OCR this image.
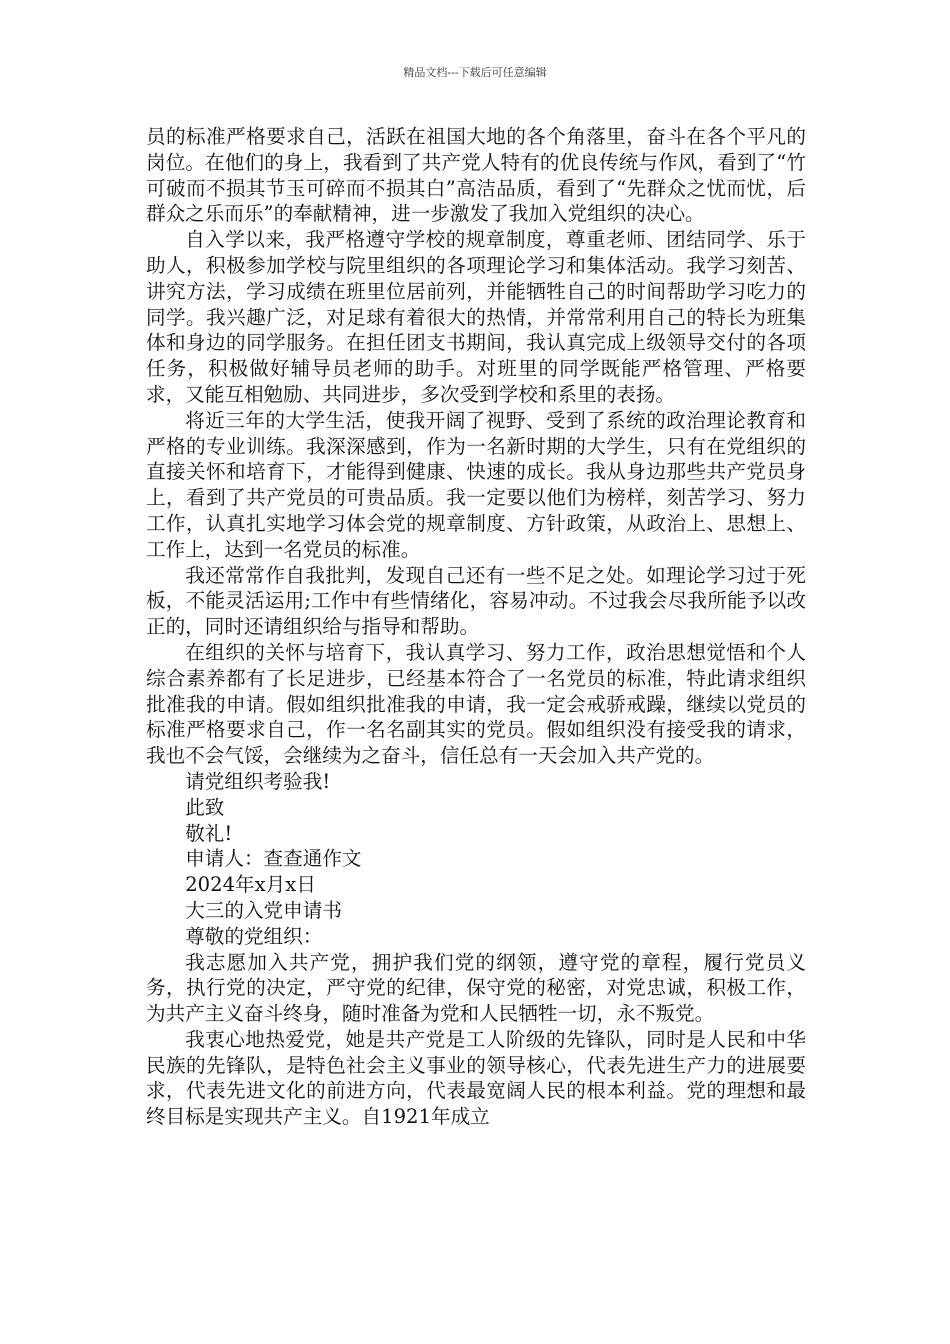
精品文档---下载后可任意编辑

员的标准严格要求自己，活跃在祖国大地的各个角落里，奋斗在各个平凡的岗位。在他们的身上，我看到了共产党人特有的优良传统与作风，看到了“竹可破而不损其节玉可碎而不损其白”高洁品质，看到了“先群众之忧而忧，后群众之乐而乐”的奉献精神，进一步激发了我加入党组织的决心。

自入学以来，我严格遵守学校的规章制度，尊重老师、团结同学、乐于助人，积极参加学校与院里组织的各项理论学习和集体活动。我学习刻苦、讲究方法，学习成绩在班里位居前列，并能牺牲自己的时间帮助学习吃力的同学。我兴趣广泛，对足球有着很大的热情，并常常利用自己的特长为班集体和身边的同学服务。在担任团支书期间，我认真完成上级领导交付的各项任务，积极做好辅导员老师的助手。对班里的同学既能严格管理、严格要求，又能互相勉励、共同进步，多次受到学校和系里的表扬。

将近三年的大学生活，使我开阔了视野、受到了系统的政治理论教育和严格的专业训练。我深深感到，作为一名新时期的大学生，只有在党组织的直接关怀和培育下，才能得到健康、快速的成长。我从身边那些共产党员身上，看到了共产党员的可贵品质。我一定要以他们为榜样，刻苦学习、努力工作，认真扎实地学习体会党的规章制度、方针政策，从政治上、思想上、工作上，达到一名党员的标准。

我还常常作自我批判，发现自己还有一些不足之处。如理论学习过于死板，不能灵活运用;工作中有些情绪化，容易冲动。不过我会尽我所能予以改正的，同时还请组织给与指导和帮助。

在组织的关怀与培育下，我认真学习、努力工作，政治思想觉悟和个人综合素养都有了长足进步，已经基本符合了一名党员的标准，特此请求组织批准我的申请。假如组织批准我的申请，我一定会戒骄戒躁，继续以党员的标准严格要求自己，作一名名副其实的党员。假如组织没有接受我的请求，我也不会气馁，会继续为之奋斗，信任总有一天会加入共产党的。

请党组织考验我!

此致

敬礼!

申请人：查查通作文

2024年x月x日

大三的入党申请书

尊敬的党组织：

我志愿加入共产党，拥护我们党的纲领，遵守党的章程，履行党员义务，执行党的决定，严守党的纪律，保守党的秘密，对党忠诚，积极工作，为共产主义奋斗终身，随时准备为党和人民牺牲一切，永不叛党。

我衷心地热爱党，她是共产党是工人阶级的先锋队，同时是人民和中华民族的先锋队，是特色社会主义事业的领导核心，代表先进生产力的进展要求，代表先进文化的前进方向，代表最宽阔人民的根本利益。党的理想和最终目标是实现共产主义。自1921年成立
